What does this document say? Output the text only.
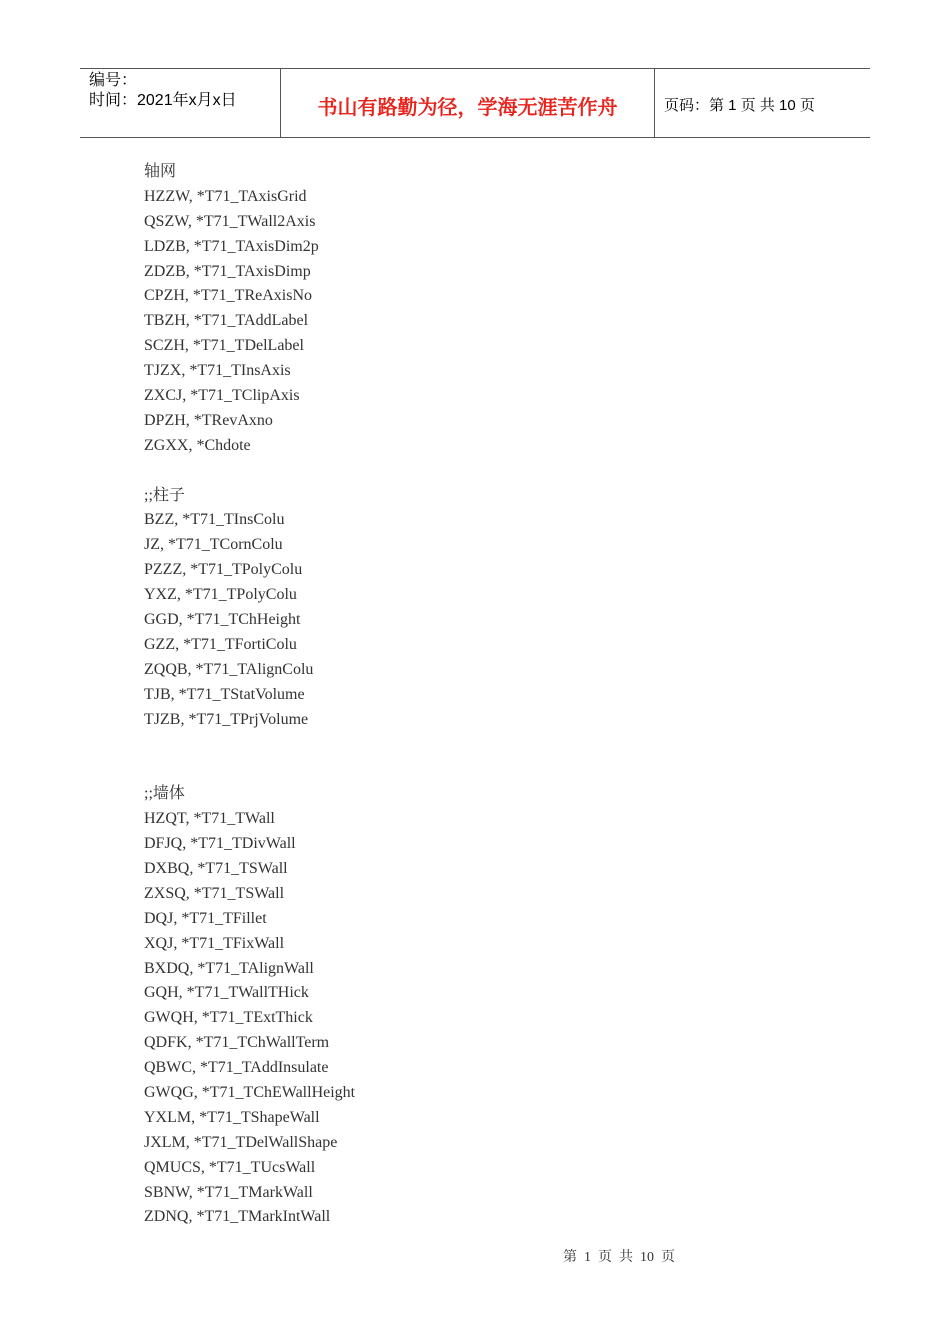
编号：
时间：2021年x月x日	书山有路勤为径，学海无涯苦作舟	页码：第 1 页 共 10 页
轴网
HZZW, *T71_TAxisGrid
QSZW, *T71_TWall2Axis
LDZB, *T71_TAxisDim2p
ZDZB, *T71_TAxisDimp
CPZH, *T71_TReAxisNo
TBZH, *T71_TAddLabel
SCZH, *T71_TDelLabel
TJZX, *T71_TInsAxis
ZXCJ, *T71_TClipAxis
DPZH, *TRevAxno
ZGXX, *Chdote
;;柱子
BZZ, *T71_TInsColu
JZ, *T71_TCornColu
PZZZ, *T71_TPolyColu
YXZ, *T71_TPolyColu
GGD, *T71_TChHeight
GZZ, *T71_TFortiColu
ZQQB, *T71_TAlignColu
TJB, *T71_TStatVolume
TJZB, *T71_TPrjVolume
;;墙体
HZQT, *T71_TWall
DFJQ, *T71_TDivWall
DXBQ, *T71_TSWall
ZXSQ, *T71_TSWall
DQJ, *T71_TFillet
XQJ, *T71_TFixWall
BXDQ, *T71_TAlignWall
GQH, *T71_TWallTHick
GWQH, *T71_TExtThick
QDFK, *T71_TChWallTerm
QBWC, *T71_TAddInsulate
GWQG, *T71_TChEWallHeight
YXLM, *T71_TShapeWall
JXLM, *T71_TDelWallShape
QMUCS, *T71_TUcsWall
SBNW, *T71_TMarkWall
ZDNQ, *T71_TMarkIntWall
第  1  页  共  10  页
